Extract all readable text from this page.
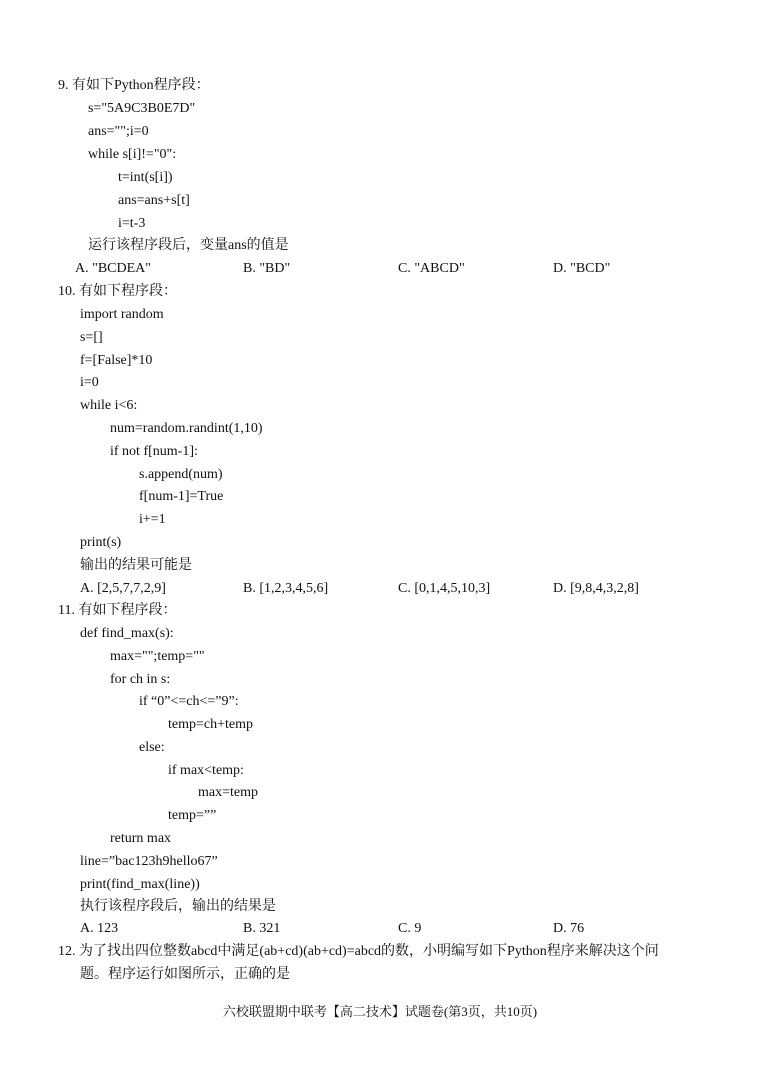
9. 有如下Python程序段：
s="5A9C3B0E7D"
ans="";i=0
while s[i]!="0":
t=int(s[i])
ans=ans+s[t]
i=t-3
运行该程序段后，变量ans的值是
A. "BCDEA"	B. "BD"	C. "ABCD"	D. "BCD"
10. 有如下程序段：
import random
s=[]
f=[False]*10
i=0
while i<6:
num=random.randint(1,10)
if not f[num-1]:
s.append(num)
f[num-1]=True
i+=1
print(s)
输出的结果可能是
A. [2,5,7,7,2,9]	B. [1,2,3,4,5,6]	C. [0,1,4,5,10,3]	D. [9,8,4,3,2,8]
11. 有如下程序段：
def find_max(s):
max="";temp=""
for ch in s:
if “0”<=ch<=”9”:
temp=ch+temp
else:
if max<temp:
max=temp
temp=””
return max
line=”bac123h9hello67”
print(find_max(line))
执行该程序段后，输出的结果是
A. 123	B. 321	C. 9	D. 76
12. 为了找出四位整数abcd中满足(ab+cd)(ab+cd)=abcd的数，小明编写如下Python程序来解决这个问
题。程序运行如图所示，正确的是
六校联盟期中联考【高二技术】试题卷(第3页，共10页)
